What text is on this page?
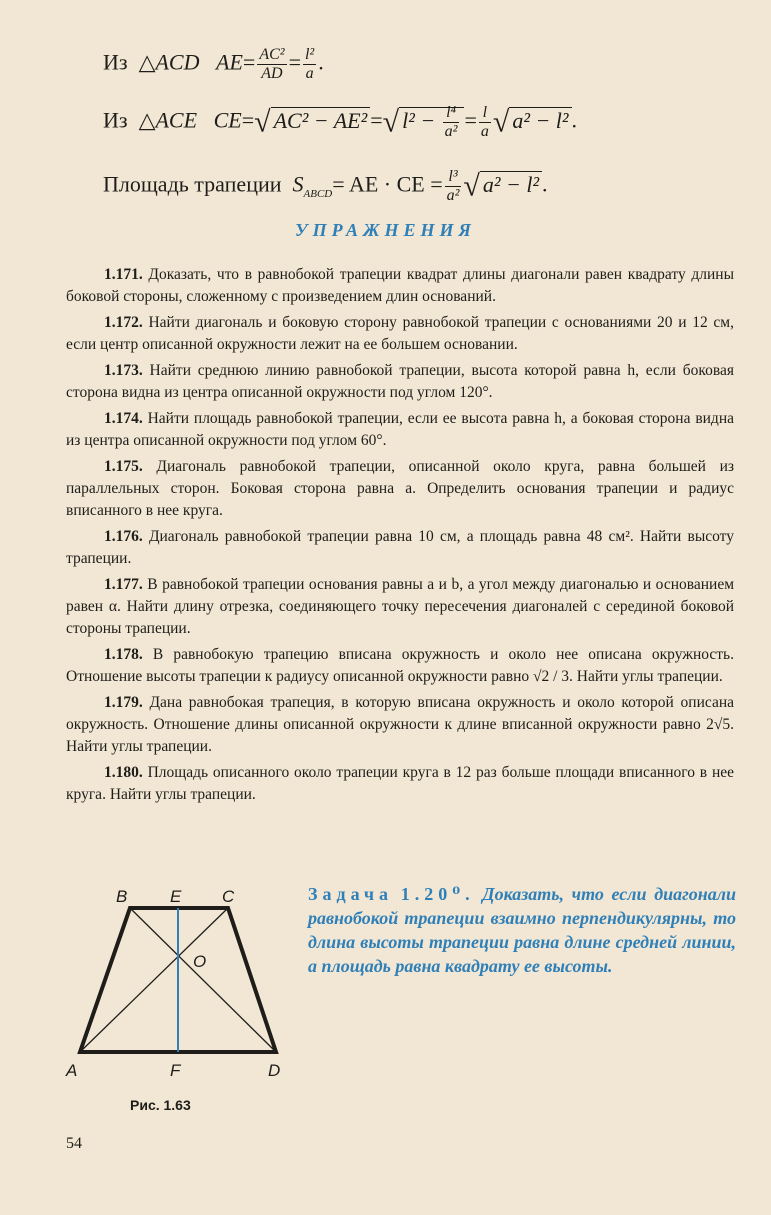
Из △ACD $AE= \frac{\text{AC²}}{AD} = \frac{\text{l²}}{a}$ .
Из △ACE CE=√ AC² − AE² =√ $l^2 - \frac{\text{l⁴}}{\text{a²}} = \frac{l}{a}$ √ a² − l² .
Площадь трапеции $S_{ABCD}=$ AE · CE = $\frac{\text{l³}}{\text{a²}}$ √ a² − l² .
УПРАЖНЕНИЯ

1.171. Доказать, что в равнобокой трапеции квадрат длины диагонали равен квадрату длины боковой стороны, сложенному с произведением длин оснований.

1.172. Найти диагональ и боковую сторону равнобокой трапеции с основаниями 20 и 12 см, если центр описанной окружности лежит на ее большем основании.

1.173. Найти среднюю линию равнобокой трапеции, высота которой равна h, если боковая сторона видна из центра описанной окружности под углом 120°.

1.174. Найти площадь равнобокой трапеции, если ее высота равна h, а боковая сторона видна из центра описанной окружности под углом 60°.

1.175. Диагональ равнобокой трапеции, описанной около круга, равна большей из параллельных сторон. Боковая сторона равна a. Определить основания трапеции и радиус вписанного в нее круга.

1.176. Диагональ равнобокой трапеции равна 10 см, а площадь равна 48 см². Найти высоту трапеции.

1.177. В равнобокой трапеции основания равны a и b, а угол между диагональю и основанием равен α. Найти длину отрезка, соединяющего точку пересечения диагоналей с серединой боковой стороны трапеции.

1.178. В равнобокую трапецию вписана окружность и около нее описана окружность. Отношение высоты трапеции к радиусу описанной окружности равно √2 / 3. Найти углы трапеции.

1.179. Дана равнобокая трапеция, в которую вписана окружность и около которой описана окружность. Отношение длины описанной окружности к длине вписанной окружности равно 2√5. Найти углы трапеции.

1.180. Площадь описанного около трапеции круга в 12 раз больше площади вписанного в нее круга. Найти углы трапеции.

B	E C
O
A	F	D
Рис. 1.63
Задача 1.20⁰. Доказать, что если диагонали равнобокой трапеции взаимно перпендикулярны, то длина высоты трапеции равна длине средней линии, а площадь равна квадрату ее высоты.
54
